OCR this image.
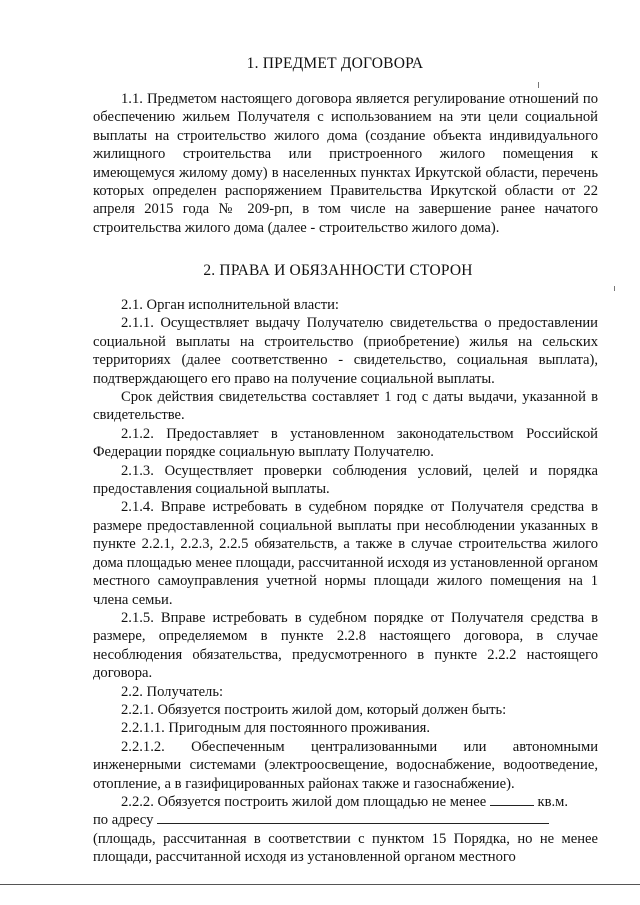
1. ПРЕДМЕТ ДОГОВОРА

1.1. Предметом настоящего договора является регулирование отношений по обеспечению жильем Получателя с использованием на эти цели социальной выплаты на строительство жилого дома (создание объекта индивидуального жилищного строительства или пристроенного жилого помещения к имеющемуся жилому дому) в населенных пунктах Иркутской области, перечень которых определен распоряжением Правительства Иркутской области от 22 апреля 2015 года № 209-рп, в том числе на завершение ранее начатого строительства жилого дома (далее - строительство жилого дома).

2. ПРАВА И ОБЯЗАННОСТИ СТОРОН

2.1. Орган исполнительной власти:

2.1.1. Осуществляет выдачу Получателю свидетельства о предоставлении социальной выплаты на строительство (приобретение) жилья на сельских территориях (далее соответственно - свидетельство, социальная выплата), подтверждающего его право на получение социальной выплаты.

Срок действия свидетельства составляет 1 год с даты выдачи, указанной в свидетельстве.

2.1.2. Предоставляет в установленном законодательством Российской Федерации порядке социальную выплату Получателю.

2.1.3. Осуществляет проверки соблюдения условий, целей и порядка предоставления социальной выплаты.

2.1.4. Вправе истребовать в судебном порядке от Получателя средства в размере предоставленной социальной выплаты при несоблюдении указанных в пункте 2.2.1, 2.2.3, 2.2.5 обязательств, а также в случае строительства жилого дома площадью менее площади, рассчитанной исходя из установленной органом местного самоуправления учетной нормы площади жилого помещения на 1 члена семьи.

2.1.5. Вправе истребовать в судебном порядке от Получателя средства в размере, определяемом в пункте 2.2.8 настоящего договора, в случае несоблюдения обязательства, предусмотренного в пункте 2.2.2 настоящего договора.

2.2. Получатель:

2.2.1. Обязуется построить жилой дом, который должен быть:

2.2.1.1. Пригодным для постоянного проживания.

2.2.1.2. Обеспеченным централизованными или автономными инженерными системами (электроосвещение, водоснабжение, водоотведение, отопление, а в газифицированных районах также и газоснабжение).

2.2.2. Обязуется построить жилой дом площадью не менее	кв.м.

по адресу

(площадь, рассчитанная в соответствии с пунктом 15 Порядка, но не менее площади, рассчитанной исходя из установленной органом местного
